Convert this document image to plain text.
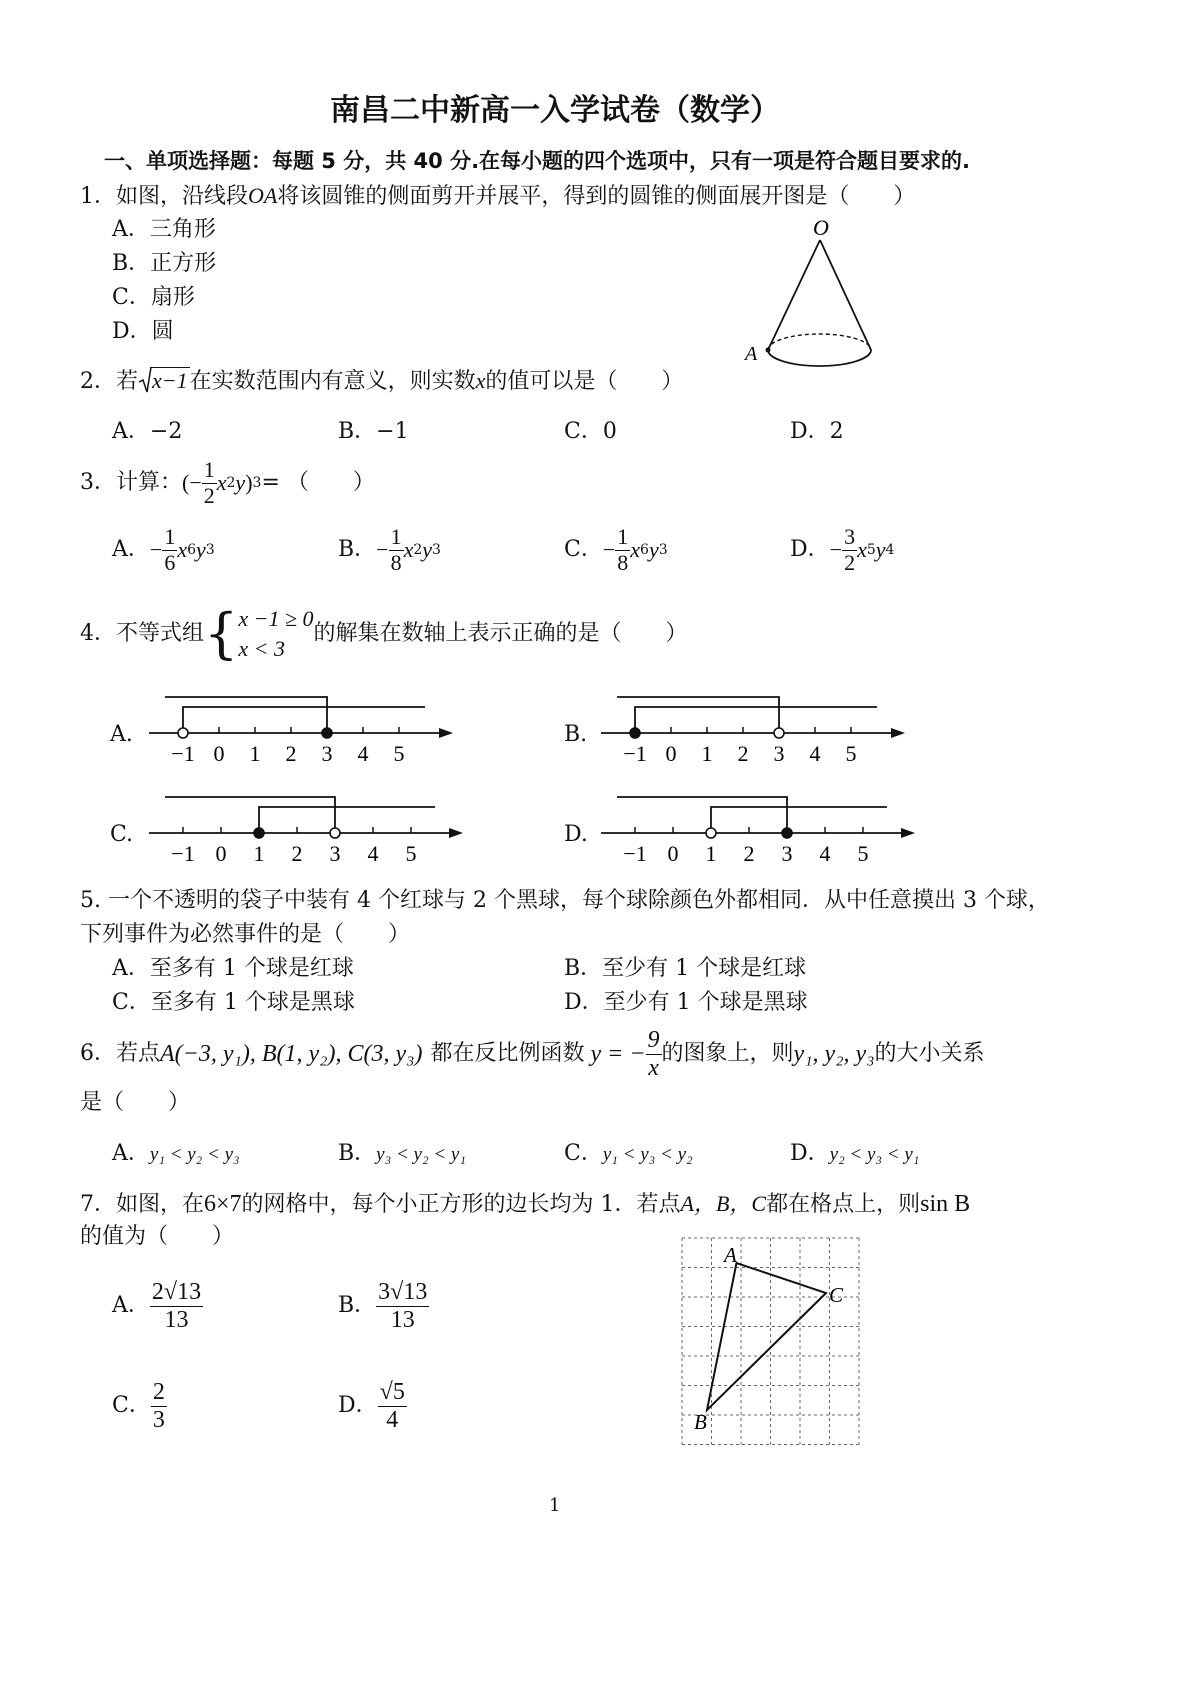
南昌二中新高一入学试卷（数学）
一、单项选择题：每题 5 分，共 40 分.在每小题的四个选项中，只有一项是符合题目要求的.
1．如图，沿线段OA将该圆锥的侧面剪开并展平，得到的圆锥的侧面展开图是（　　）
A．三角形
B．正方形
C．扇形
D．圆
O
A
2．若 x−1在实数范围内有意义，则实数x的值可以是（　　）
A．−2	B．−1	C．0	D．2
3．计算： (− $\frac{1}{2}$ x 2 y ) 3 = （　　）
A． − $\frac{1}{6}$ x 6 y 3	B． − $\frac{1}{8}$ x 2 y 3	C． − $\frac{1}{8}$ x 6 y 3	D． − $\frac{3}{2}$ x 5 y 4
4．不等式组 { x −1 ≥ 0
x < 3
的解集在数轴上表示正确的是（　　）
A.	B.
C.	D.
−1 0 1 2 3 4 5	−1 0 1 2 3 4 5
−1 0 1 2 3 4 5	−1 0 1 2 3 4 5
5. 一个不透明的袋子中装有 4 个红球与 2 个黑球，每个球除颜色外都相同．从中任意摸出 3 个球，
下列事件为必然事件的是（　　）
A．至多有 1 个球是红球	B．至少有 1 个球是红球
C．至多有 1 个球是黑球	D．至少有 1 个球是黑球
6．若点 A(−3, y₁), B(1, y₂), C(3, y₃) 都在反比例函数 y = − $\frac{9}{x}$ 的图象上，则 y₁, y₂, y₃ 的大小关系
是（　　）
A．y₁ < y₂ < y₃	B．y₃ < y₂ < y₁	C．y₁ < y₃ < y₂	D．y₂ < y₃ < y₁
7．如图，在6×7的网格中，每个小正方形的边长均为 1．若点A，B，C都在格点上，则sin B
的值为（　　）
A． $\frac{2√13}{13}$	B． $\frac{3√13}{13}$
C． $\frac{2}{3}$	D． $\frac{√5}{4}$
A
B
C
1
